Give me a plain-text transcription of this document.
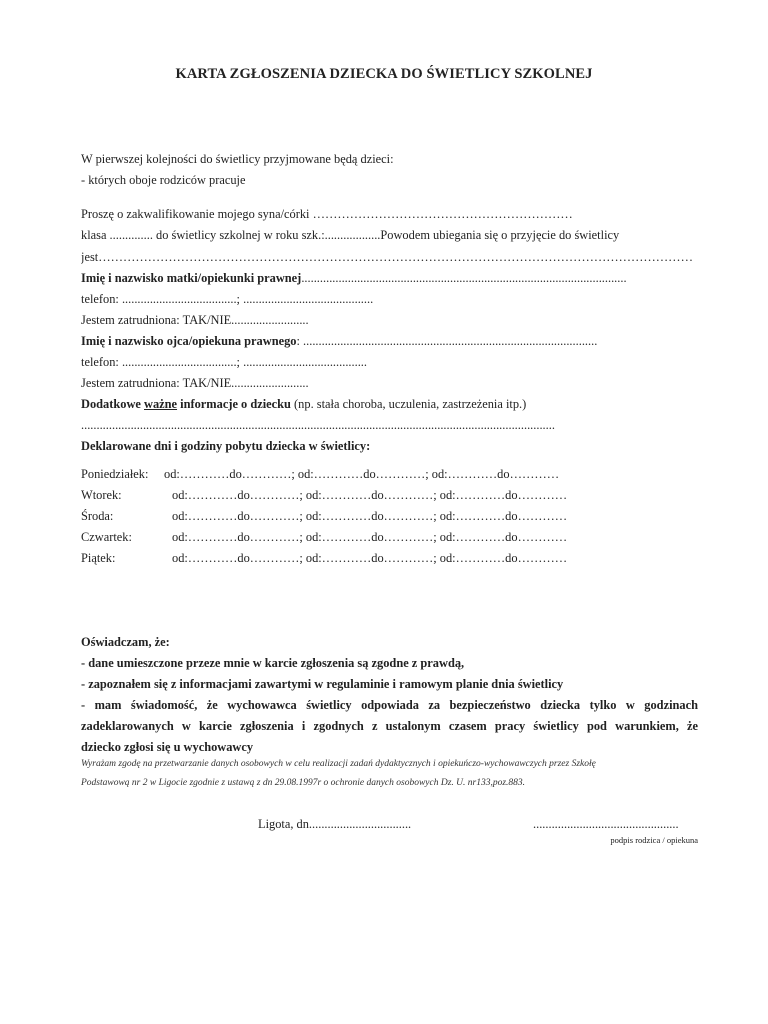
KARTA ZGŁOSZENIA DZIECKA DO ŚWIETLICY SZKOLNEJ
W pierwszej kolejności do świetlicy przyjmowane będą dzieci:
- których oboje rodziców pracuje
Proszę o zakwalifikowanie mojego syna/córki ………………………………………………………
klasa .............. do świetlicy szkolnej w roku szk.:..................Powodem ubiegania się o przyjęcie do świetlicy
jest………………………………………………………………………………………………………………………………
Imię i nazwisko matki/opiekunki prawnej.........................................................................................................
telefon: .....................................; ..........................................
Jestem zatrudniona: TAK/NIE.........................
Imię i nazwisko ojca/opiekuna prawnego: ...............................................................................................
telefon: .....................................; ........................................
Jestem zatrudniona: TAK/NIE.........................
Dodatkowe ważne informacje o dziecku (np. stała choroba, uczulenia, zastrzeżenia itp.)
.........................................................................................................................................................
Deklarowane dni i godziny pobytu dziecka w świetlicy:
Poniedziałek: od:…………do…………; od:…………do…………; od:…………do…………
Wtorek:	od:…………do…………; od:…………do…………; od:…………do…………
Środa:	od:…………do…………; od:…………do…………; od:…………do…………
Czwartek:	od:…………do…………; od:…………do…………; od:…………do…………
Piątek:	od:…………do…………; od:…………do…………; od:…………do…………
Oświadczam, że:
- dane umieszczone przeze mnie w karcie zgłoszenia są zgodne z prawdą,
- zapoznałem się z informacjami zawartymi w regulaminie i ramowym planie dnia świetlicy
- mam świadomość, że wychowawca świetlicy odpowiada za bezpieczeństwo dziecka tylko w godzinach
zadeklarowanych w karcie zgłoszenia i zgodnych z ustalonym czasem pracy świetlicy pod warunkiem, że
dziecko zgłosi się u wychowawcy
Wyrażam zgodę na przetwarzanie danych osobowych w celu realizacji zadań dydaktycznych i opiekuńczo-wychowawczych przez Szkołę
Podstawową nr 2 w Ligocie zgodnie z ustawą z dn 29.08.1997r o ochronie danych osobowych Dz. U. nr133,poz.883.
Ligota, dn.................................	...............................................
podpis rodzica / opiekuna
